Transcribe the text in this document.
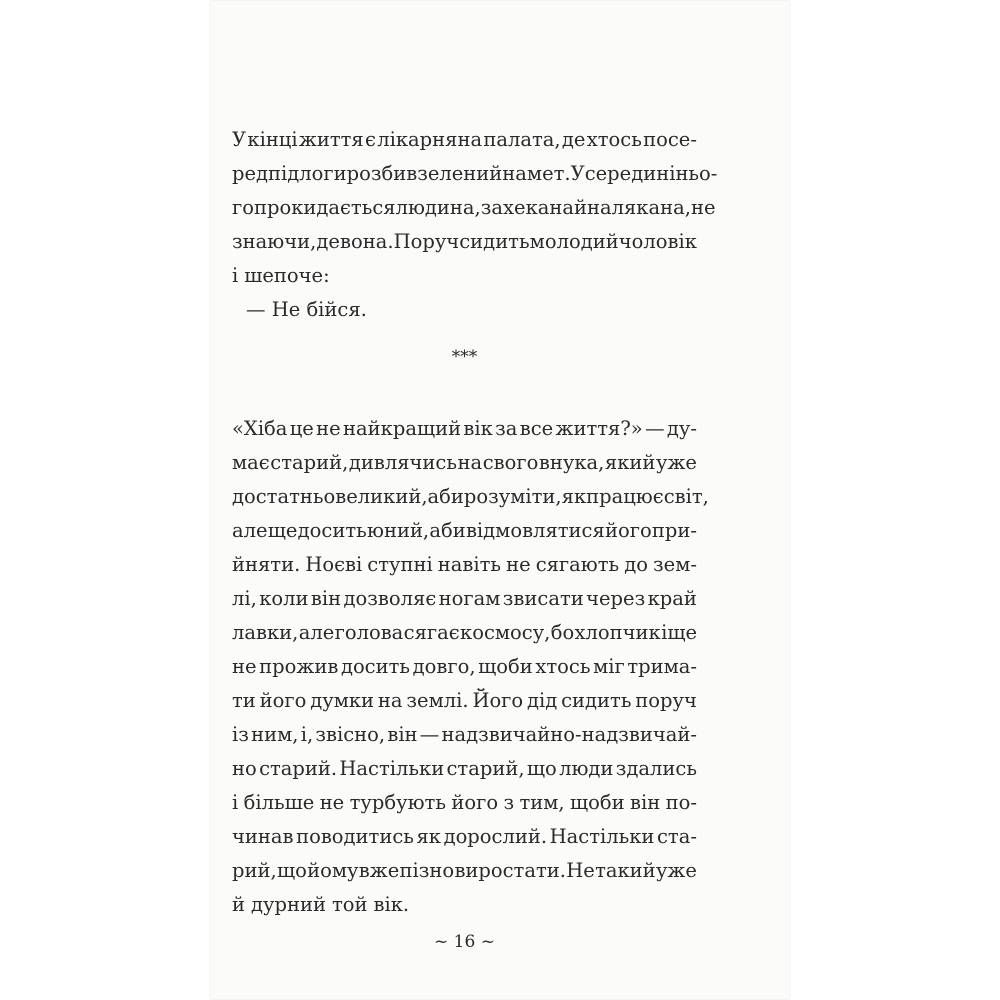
У кінці життя є лікарняна палата, де хтось посе-
ред підлоги розбив зелений намет. Усередині ньо-
го прокидається людина, захекана й налякана, не
знаючи, де вона. Поруч сидить молодий чоловік
і шепоче:
— Не бійся.
***
«Хіба це не найкращий вік за все життя?» — ду-
має старий, дивлячись на свого внука, який уже
достатньо великий, аби розуміти, як працює світ,
але ще досить юний, аби відмовлятися його при-
йняти. Ноєві ступні навіть не сягають до зем-
лі, коли він дозволяє ногам звисати через край
лавки, але голова сягає космосу, бо хлопчик іще
не прожив досить довго, щоби хтось міг трима-
ти його думки на землі. Його дід сидить поруч
із ним, і, звісно, він — надзвичайно-надзвичай-
но старий. Настільки старий, що люди здались
і більше не турбують його з тим, щоби він по-
чинав поводитись як дорослий. Настільки ста-
рий, що йому вже пізно виростати. Не такий уже
й дурний той вік.
~ 16 ~
